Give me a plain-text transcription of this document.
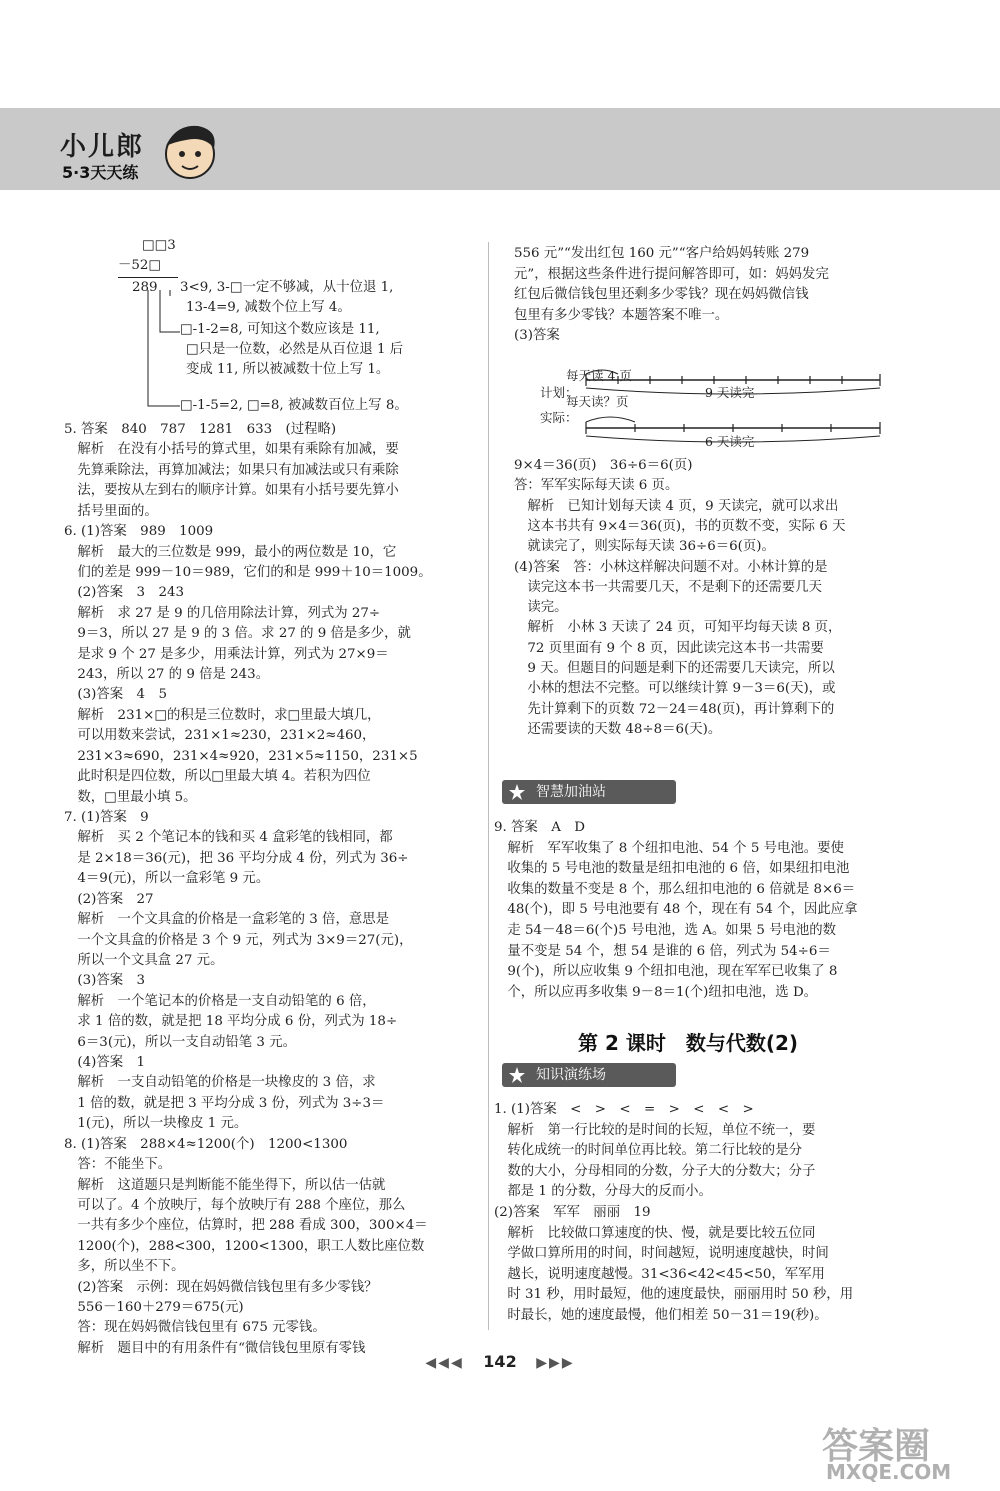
小儿郎
5·3天天练
□□3
－52□
289 3<9, 3-□一定不够减，从十位退 1,
13-4=9, 减数个位上写 4。
□-1-2=8, 可知这个数应该是 11,
□只是一位数，必然是从百位退 1 后
变成 11, 所以被减数十位上写 1。
□-1-5=2, □=8, 被减数百位上写 8。
5. 答案　840　787　1281　633　(过程略)
　解析　在没有小括号的算式里，如果有乘除有加减，要
　先算乘除法，再算加减法；如果只有加减法或只有乘除
　法，要按从左到右的顺序计算。如果有小括号要先算小
　括号里面的。
6. (1)答案　989　1009
　解析　最大的三位数是 999，最小的两位数是 10，它
　们的差是 999－10＝989，它们的和是 999＋10＝1009。
　(2)答案　3　243
　解析　求 27 是 9 的几倍用除法计算，列式为 27÷
　9＝3，所以 27 是 9 的 3 倍。求 27 的 9 倍是多少，就
　是求 9 个 27 是多少，用乘法计算，列式为 27×9＝
　243，所以 27 的 9 倍是 243。
　(3)答案　4　5
　解析　231×□的积是三位数时，求□里最大填几，
　可以用数来尝试，231×1≈230，231×2≈460，
　231×3≈690，231×4≈920，231×5≈1150，231×5
　此时积是四位数，所以□里最大填 4。若积为四位
　数，□里最小填 5。
7. (1)答案　9
　解析　买 2 个笔记本的钱和买 4 盒彩笔的钱相同，都
　是 2×18＝36(元)，把 36 平均分成 4 份，列式为 36÷
　4＝9(元)，所以一盒彩笔 9 元。
　(2)答案　27
　解析　一个文具盒的价格是一盒彩笔的 3 倍，意思是
　一个文具盒的价格是 3 个 9 元，列式为 3×9＝27(元)，
　所以一个文具盒 27 元。
　(3)答案　3
　解析　一个笔记本的价格是一支自动铅笔的 6 倍，
　求 1 倍的数，就是把 18 平均分成 6 份，列式为 18÷
　6＝3(元)，所以一支自动铅笔 3 元。
　(4)答案　1
　解析　一支自动铅笔的价格是一块橡皮的 3 倍，求
　1 倍的数，就是把 3 平均分成 3 份，列式为 3÷3＝
　1(元)，所以一块橡皮 1 元。
8. (1)答案　288×4≈1200(个)　1200<1300
　答：不能坐下。
　解析　这道题只是判断能不能坐得下，所以估一估就
　可以了。4 个放映厅，每个放映厅有 288 个座位，那么
　一共有多少个座位，估算时，把 288 看成 300，300×4＝
　1200(个)，288<300，1200<1300，职工人数比座位数
　多，所以坐不下。
　(2)答案　示例：现在妈妈微信钱包里有多少零钱？
　556－160＋279＝675(元)
　答：现在妈妈微信钱包里有 675 元零钱。
　解析　题目中的有用条件有“微信钱包里原有零钱
556 元”“发出红包 160 元”“客户给妈妈转账 279
元”，根据这些条件进行提问解答即可，如：妈妈发完
红包后微信钱包里还剩多少零钱？现在妈妈微信钱
包里有多少零钱？本题答案不唯一。
(3)答案
每天读 4 页
计划：	9 天读完
每天读？页
实际：
6 天读完
9×4＝36(页)　36÷6＝6(页)
答：军军实际每天读 6 页。
　解析　已知计划每天读 4 页，9 天读完，就可以求出
　这本书共有 9×4＝36(页)，书的页数不变，实际 6 天
　就读完了，则实际每天读 36÷6＝6(页)。
(4)答案　答：小林这样解决问题不对。小林计算的是
　读完这本书一共需要几天，不是剩下的还需要几天
　读完。
　解析　小林 3 天读了 24 页，可知平均每天读 8 页，
　72 页里面有 9 个 8 页，因此读完这本书一共需要
　9 天。但题目的问题是剩下的还需要几天读完，所以
　小林的想法不完整。可以继续计算 9－3＝6(天)，或
　先计算剩下的页数 72－24＝48(页)，再计算剩下的
　还需要读的天数 48÷8＝6(天)。
智慧加油站
9. 答案　A　D
　解析　军军收集了 8 个纽扣电池、54 个 5 号电池。要使
　收集的 5 号电池的数量是纽扣电池的 6 倍，如果纽扣电池
　收集的数量不变是 8 个，那么纽扣电池的 6 倍就是 8×6＝
　48(个)，即 5 号电池要有 48 个，现在有 54 个，因此应拿
　走 54－48＝6(个)5 号电池，选 A。如果 5 号电池的数
　量不变是 54 个，想 54 是谁的 6 倍，列式为 54÷6＝
　9(个)，所以应收集 9 个纽扣电池，现在军军已收集了 8
　个，所以应再多收集 9－8＝1(个)纽扣电池，选 D。
第 2 课时　数与代数(2)
知识演练场
1. (1)答案　<　>　<　=　>　<　<　>
　解析　第一行比较的是时间的长短，单位不统一，要
　转化成统一的时间单位再比较。第二行比较的是分
　数的大小，分母相同的分数，分子大的分数大；分子
　都是 1 的分数，分母大的反而小。
(2)答案　军军　丽丽　19
　解析　比较做口算速度的快、慢，就是要比较五位同
　学做口算所用的时间，时间越短，说明速度越快，时间
　越长，说明速度越慢。31<36<42<45<50，军军用
　时 31 秒，用时最短，他的速度最快，丽丽用时 50 秒，用
　时最长，她的速度最慢，他们相差 50－31＝19(秒)。
◀◀◀ 142 ▶▶▶
答案圈
MXQE.COM
